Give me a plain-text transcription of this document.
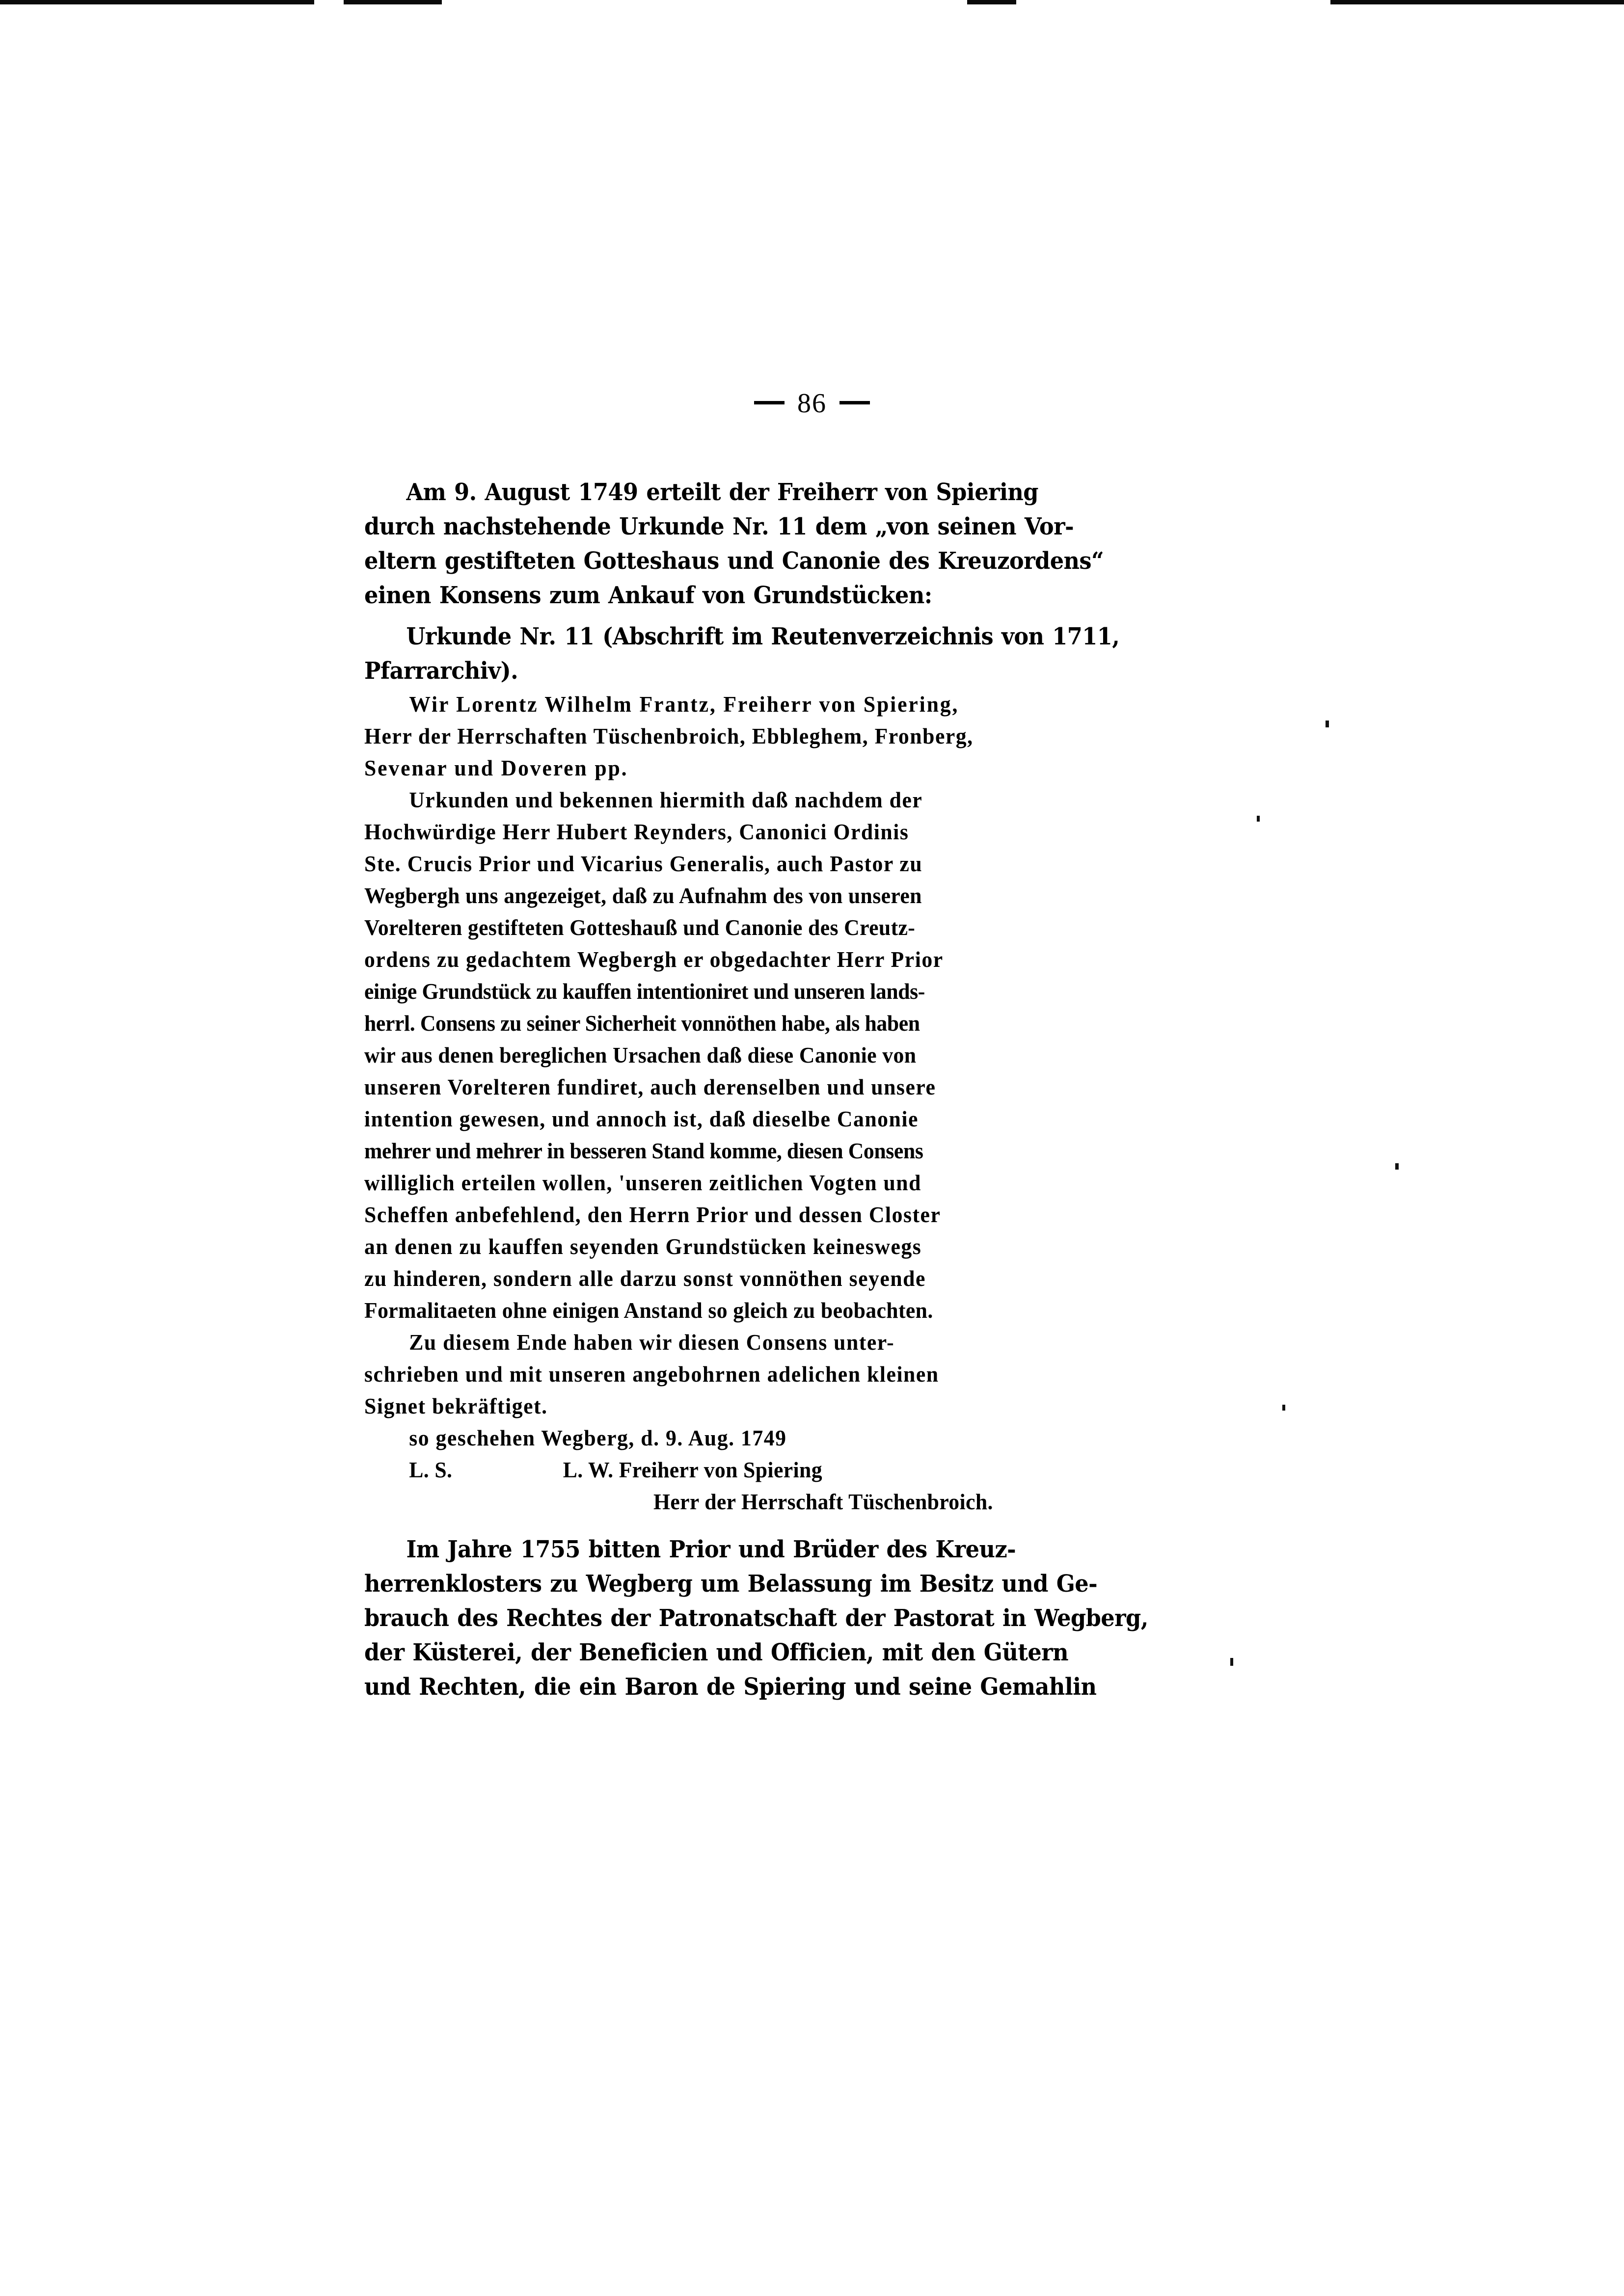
86
Am 9. August 1749 erteilt der Freiherr von Spiering
durch nachstehende Urkunde Nr. 11 dem „von seinen Vor-
eltern gestifteten Gotteshaus und Canonie des Kreuzordens“
einen Konsens zum Ankauf von Grundstücken:
Urkunde Nr. 11 (Abschrift im Reutenverzeichnis von 1711,
Pfarrarchiv).
Wir Lorentz Wilhelm Frantz, Freiherr von Spiering,
Herr der Herrschaften Tüschenbroich, Ebbleghem, Fronberg,
Sevenar und Doveren pp.
Urkunden und bekennen hiermith daß nachdem der
Hochwürdige Herr Hubert Reynders, Canonici Ordinis
Ste. Crucis Prior und Vicarius Generalis, auch Pastor zu
Wegbergh uns angezeiget, daß zu Aufnahm des von unseren
Vorelteren gestifteten Gotteshauß und Canonie des Creutz-
ordens zu gedachtem Wegbergh er obgedachter Herr Prior
einige Grundstück zu kauffen intentioniret und unseren lands-
herrl. Consens zu seiner Sicherheit vonnöthen habe, als haben
wir aus denen bereglichen Ursachen daß diese Canonie von
unseren Vorelteren fundiret, auch derenselben und unsere
intention gewesen, und annoch ist, daß dieselbe Canonie
mehrer und mehrer in besseren Stand komme, diesen Consens
williglich erteilen wollen, 'unseren zeitlichen Vogten und
Scheffen anbefehlend, den Herrn Prior und dessen Closter
an denen zu kauffen seyenden Grundstücken keineswegs
zu hinderen, sondern alle darzu sonst vonnöthen seyende
Formalitaeten ohne einigen Anstand so gleich zu beobachten.
Zu diesem Ende haben wir diesen Consens unter-
schrieben und mit unseren angebohrnen adelichen kleinen
Signet bekräftiget.
so geschehen Wegberg, d. 9. Aug. 1749
L. S.	L. W. Freiherr von Spiering
Herr der Herrschaft Tüschenbroich.
Im Jahre 1755 bitten Prior und Brüder des Kreuz-
herrenklosters zu Wegberg um Belassung im Besitz und Ge-
brauch des Rechtes der Patronatschaft der Pastorat in Wegberg,
der Küsterei, der Beneficien und Officien, mit den Gütern
und Rechten, die ein Baron de Spiering und seine Gemahlin
